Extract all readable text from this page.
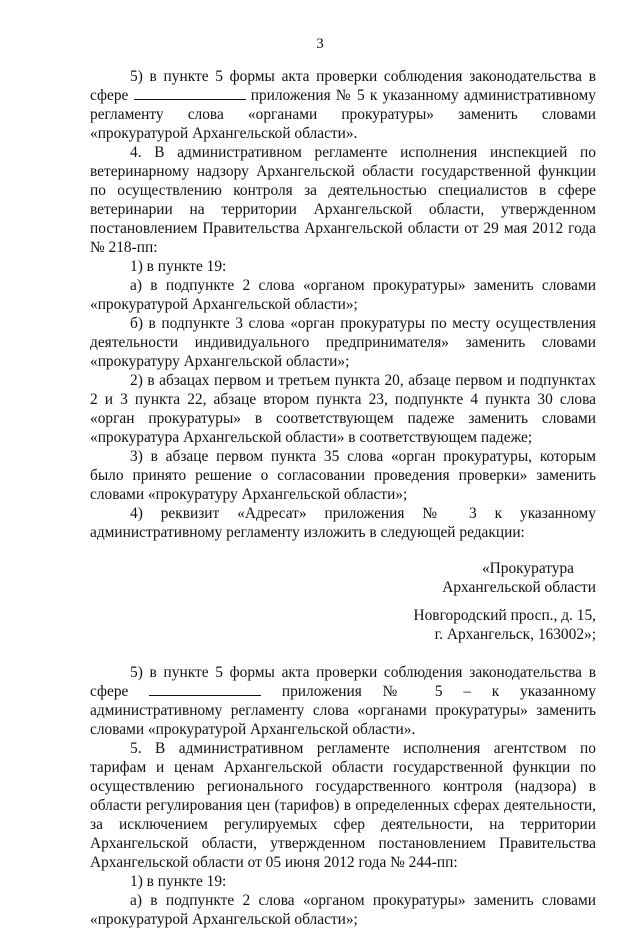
3

5) в пункте 5 формы акта проверки соблюдения законодательства в сфере	приложения № 5 к указанному административному регламенту слова «органами прокуратуры» заменить словами «прокуратурой Архангельской области».

4. В административном регламенте исполнения инспекцией по ветеринарному надзору Архангельской области государственной функции по осуществлению контроля за деятельностью специалистов в сфере ветеринарии на территории Архангельской области, утвержденном постановлением Правительства Архангельской области от 29 мая 2012 года № 218-пп:

1) в пункте 19:

а) в подпункте 2 слова «органом прокуратуры» заменить словами «прокуратурой Архангельской области»;

б) в подпункте 3 слова «орган прокуратуры по месту осуществления деятельности индивидуального предпринимателя» заменить словами «прокуратуру Архангельской области»;

2) в абзацах первом и третьем пункта 20, абзаце первом и подпунктах 2 и 3 пункта 22, абзаце втором пункта 23, подпункте 4 пункта 30 слова «орган прокуратуры» в соответствующем падеже заменить словами «прокуратура Архангельской области» в соответствующем падеже;

3) в абзаце первом пункта 35 слова «орган прокуратуры, которым было принято решение о согласовании проведения проверки» заменить словами «прокуратуру Архангельской области»;

4) реквизит «Адресат» приложения № 3 к указанному административному регламенту изложить в следующей редакции:

«Прокуратура

Архангельской области

Новгородский просп., д. 15,

г. Архангельск, 163002»;

5) в пункте 5 формы акта проверки соблюдения законодательства в сфере	приложения № 5 – к указанному административному регламенту слова «органами прокуратуры» заменить словами «прокуратурой Архангельской области».

5. В административном регламенте исполнения агентством по тарифам и ценам Архангельской области государственной функции по осуществлению регионального государственного контроля (надзора) в области регулирования цен (тарифов) в определенных сферах деятельности, за исключением регулируемых сфер деятельности, на территории Архангельской области, утвержденном постановлением Правительства Архангельской области от 05 июня 2012 года № 244-пп:

1) в пункте 19:

а) в подпункте 2 слова «органом прокуратуры» заменить словами «прокуратурой Архангельской области»;
